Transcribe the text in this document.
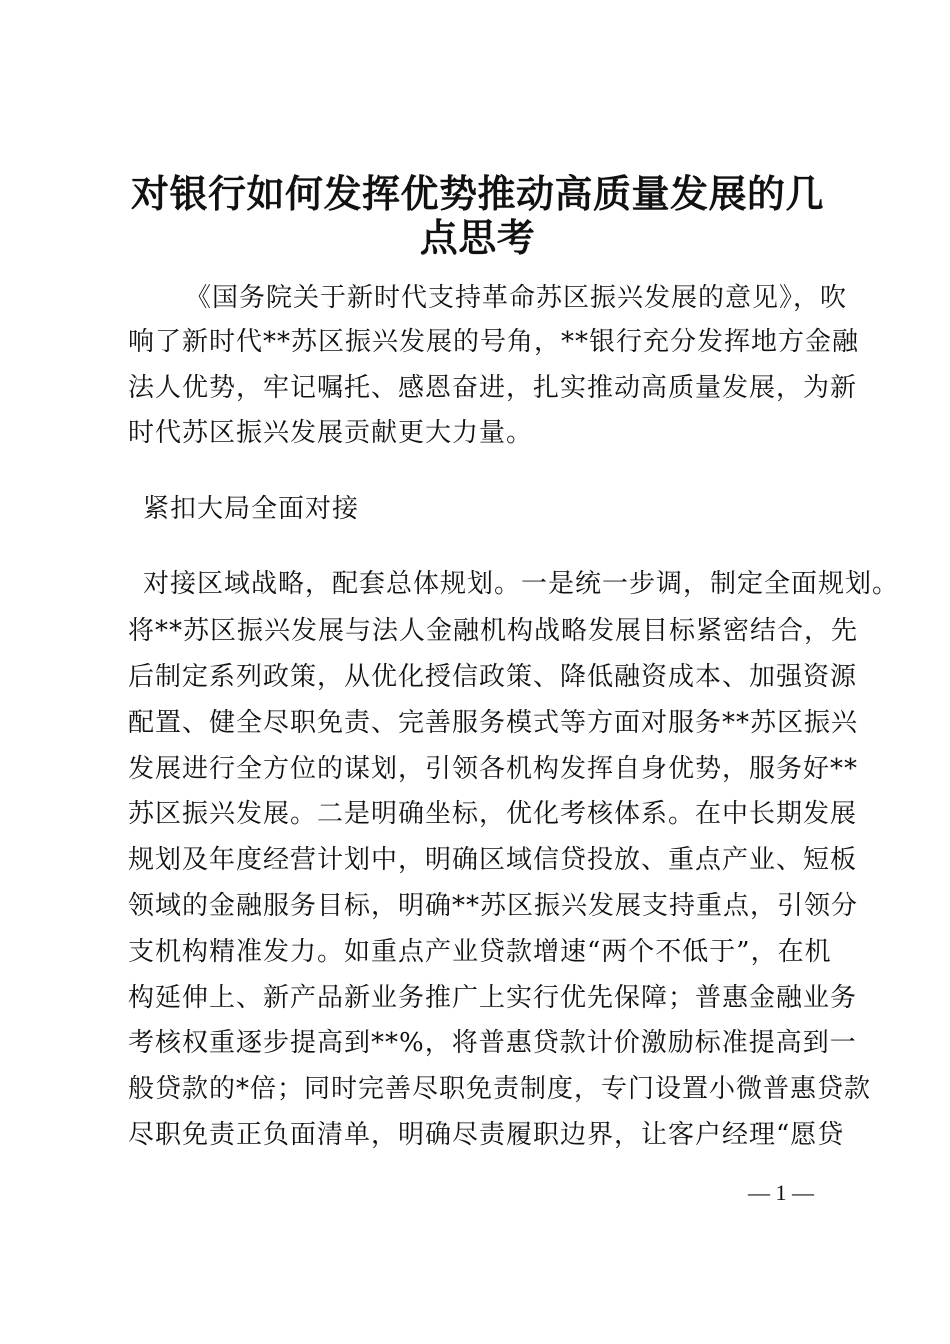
对银行如何发挥优势推动高质量发展的几点思考
《国务院关于新时代支持革命苏区振兴发展的意见》，吹
响了新时代**苏区振兴发展的号角，**银行充分发挥地方金融
法人优势，牢记嘱托、感恩奋进，扎实推动高质量发展，为新
时代苏区振兴发展贡献更大力量。
紧扣大局全面对接
对接区域战略，配套总体规划。一是统一步调，制定全面规划。
将**苏区振兴发展与法人金融机构战略发展目标紧密结合，先
后制定系列政策，从优化授信政策、降低融资成本、加强资源
配置、健全尽职免责、完善服务模式等方面对服务**苏区振兴
发展进行全方位的谋划，引领各机构发挥自身优势，服务好**
苏区振兴发展。二是明确坐标，优化考核体系。在中长期发展
规划及年度经营计划中，明确区域信贷投放、重点产业、短板
领域的金融服务目标，明确**苏区振兴发展支持重点，引领分
支机构精准发力。如重点产业贷款增速“两个不低于”，在机
构延伸上、新产品新业务推广上实行优先保障；普惠金融业务
考核权重逐步提高到**%，将普惠贷款计价激励标准提高到一
般贷款的*倍；同时完善尽职免责制度，专门设置小微普惠贷款
尽职免责正负面清单，明确尽责履职边界，让客户经理“愿贷
— 1 —
